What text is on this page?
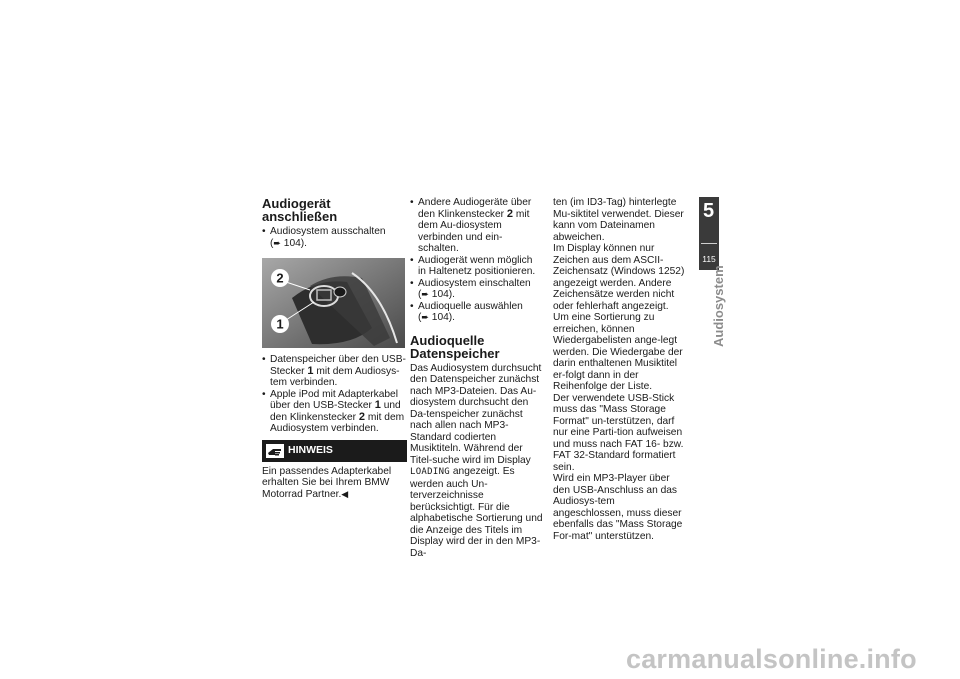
Audiogerät anschließen
• Audiosystem ausschalten
(➨ 104).
2
1
• Datenspeicher über den USB-Stecker 1 mit dem Audiosys-tem verbinden.
• Apple iPod mit Adapterkabel über den USB-Stecker 1 und den Klinkenstecker 2 mit dem Audiosystem verbinden.
HINWEIS

Ein passendes Adapterkabel erhalten Sie bei Ihrem BMW Motorrad Partner.◀

• Andere Audiogeräte über den Klinkenstecker 2 mit dem Au-diosystem verbinden und ein-schalten.
• Audiogerät wenn möglich in Haltenetz positionieren.
• Audiosystem einschalten
(➨ 104).
• Audioquelle auswählen
(➨ 104).
Audioquelle Datenspeicher

Das Audiosystem durchsucht den Datenspeicher zunächst nach MP3-Dateien. Das Au-diosystem durchsucht den Da-tenspeicher zunächst nach allen nach MP3-Standard codierten Musiktiteln. Während der Titel-suche wird im Display LOADING angezeigt. Es werden auch Un-terverzeichnisse berücksichtigt. Für die alphabetische Sortierung und die Anzeige des Titels im Display wird der in den MP3-Da-

ten (im ID3-Tag) hinterlegte Mu-siktitel verwendet. Dieser kann vom Dateinamen abweichen.

Im Display können nur Zeichen aus dem ASCII-Zeichensatz (Windows 1252) angezeigt werden. Andere Zeichensätze werden nicht oder fehlerhaft angezeigt.

Um eine Sortierung zu erreichen, können Wiedergabelisten ange-legt werden. Die Wiedergabe der darin enthaltenen Musiktitel er-folgt dann in der Reihenfolge der Liste.

Der verwendete USB-Stick muss das "Mass Storage Format" un-terstützen, darf nur eine Parti-tion aufweisen und muss nach FAT 16- bzw. FAT 32-Standard formatiert sein.

Wird ein MP3-Player über den USB-Anschluss an das Audiosys-tem angeschlossen, muss dieser ebenfalls das "Mass Storage For-mat" unterstützen.

5
115
Audiosystem
carmanualsonline.info
